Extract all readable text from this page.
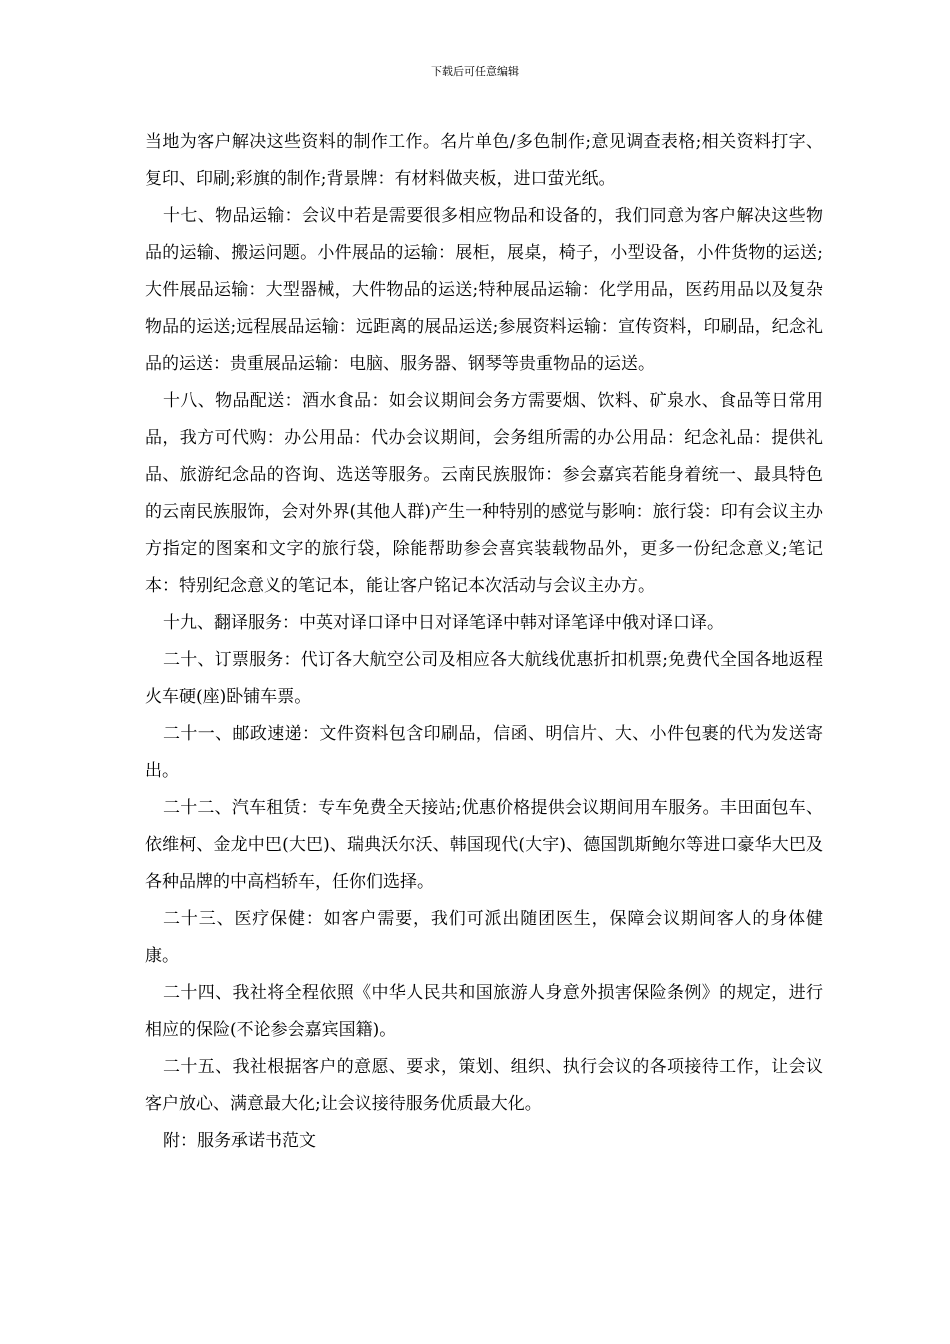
下载后可任意编辑

当地为客户解决这些资料的制作工作。名片单色/多色制作;意见调查表格;相关资料打字、复印、印刷;彩旗的制作;背景牌：有材料做夹板，进口萤光纸。

十七、物品运输：会议中若是需要很多相应物品和设备的，我们同意为客户解决这些物品的运输、搬运问题。小件展品的运输：展柜，展桌，椅子，小型设备，小件货物的运送;大件展品运输：大型器械，大件物品的运送;特种展品运输：化学用品，医药用品以及复杂物品的运送;远程展品运输：远距离的展品运送;参展资料运输：宣传资料，印刷品，纪念礼品的运送：贵重展品运输：电脑、服务器、钢琴等贵重物品的运送。

十八、物品配送：酒水食品：如会议期间会务方需要烟、饮料、矿泉水、食品等日常用品，我方可代购：办公用品：代办会议期间，会务组所需的办公用品：纪念礼品：提供礼品、旅游纪念品的咨询、选送等服务。云南民族服饰：参会嘉宾若能身着统一、最具特色的云南民族服饰，会对外界(其他人群)产生一种特别的感觉与影响：旅行袋：印有会议主办方指定的图案和文字的旅行袋，除能帮助参会喜宾装载物品外，更多一份纪念意义;笔记本：特别纪念意义的笔记本，能让客户铭记本次活动与会议主办方。

十九、翻译服务：中英对译口译中日对译笔译中韩对译笔译中俄对译口译。

二十、订票服务：代订各大航空公司及相应各大航线优惠折扣机票;免费代全国各地返程火车硬(座)卧铺车票。

二十一、邮政速递：文件资料包含印刷品，信函、明信片、大、小件包裹的代为发送寄出。

二十二、汽车租赁：专车免费全天接站;优惠价格提供会议期间用车服务。丰田面包车、依维柯、金龙中巴(大巴)、瑞典沃尔沃、韩国现代(大宇)、德国凯斯鲍尔等进口豪华大巴及各种品牌的中高档轿车，任你们选择。

二十三、医疗保健：如客户需要，我们可派出随团医生，保障会议期间客人的身体健康。

二十四、我社将全程依照《中华人民共和国旅游人身意外损害保险条例》的规定，进行相应的保险(不论参会嘉宾国籍)。

二十五、我社根据客户的意愿、要求，策划、组织、执行会议的各项接待工作，让会议客户放心、满意最大化;让会议接待服务优质最大化。

附：服务承诺书范文
